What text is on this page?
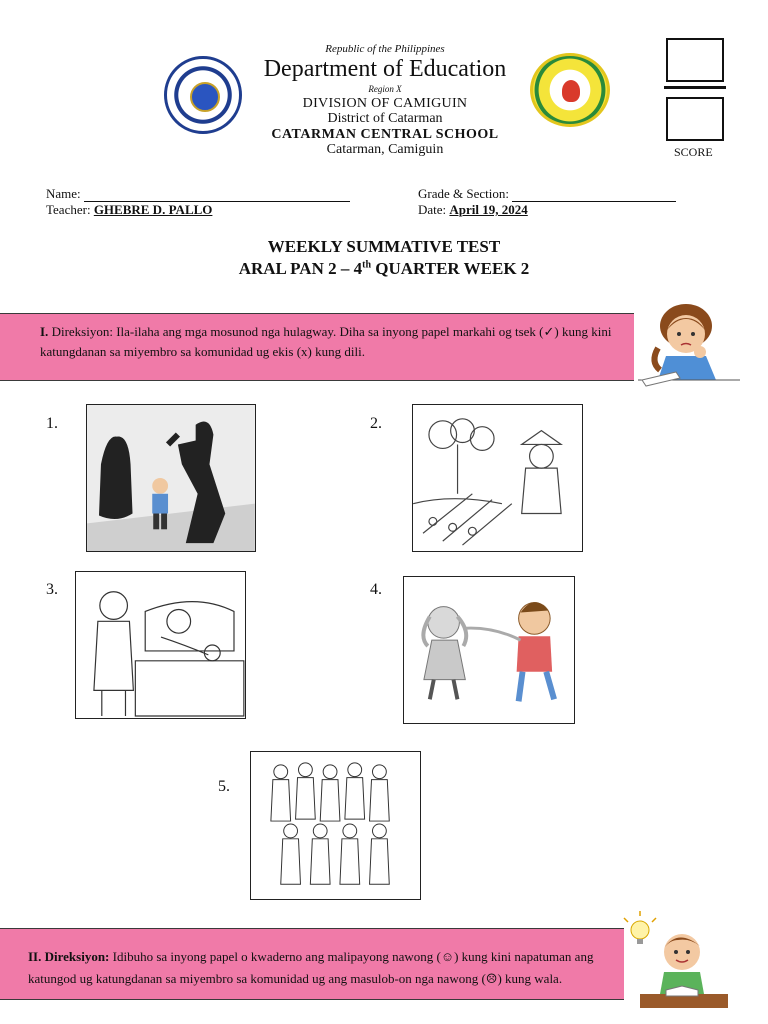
Republic of the Philippines
Department of Education
Region X
DIVISION OF CAMIGUIN
District of Catarman
CATARMAN CENTRAL SCHOOL
Catarman, Camiguin	SCORE
Name:
Teacher: GHEBRE D. PALLO
Grade & Section:
Date: April 19, 2024
WEEKLY SUMMATIVE TEST
ARAL PAN 2 – 4th QUARTER WEEK 2
I. Direksiyon: Ila-ilaha ang mga mosunod nga hulagway. Diha sa inyong papel markahi og tsek (✓) kung kini katungdanan sa miyembro sa komunidad ug ekis (x) kung dili.
1.	2.
3.	4.
5.
II. Direksiyon: Idibuho sa inyong papel o kwaderno ang malipayong nawong (☺) kung kini napatuman ang katungod ug katungdanan sa miyembro sa komunidad ug ang masulob-on nga nawong (☹) kung wala.
